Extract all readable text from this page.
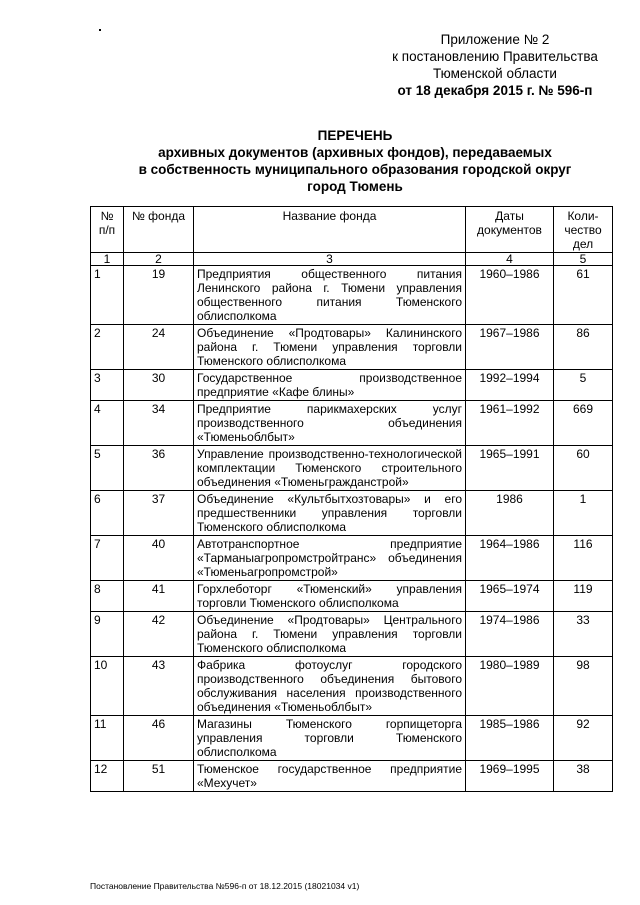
Приложение № 2
к постановлению Правительства
Тюменской области
от 18 декабря 2015 г. № 596-п
ПЕРЕЧЕНЬ
архивных документов (архивных фондов), передаваемых
в собственность муниципального образования городской округ
город Тюмень
№ п/п	№ фонда	Название фонда	Даты документов	Коли-чество дел
1	2	3	4	5
1	19	Предприятия общественного питания Ленинского района г. Тюмени управления общественного питания Тюменского облисполкома	1960–1986	61
2	24	Объединение «Продтовары» Калининского района г. Тюмени управления торговли Тюменского облисполкома	1967–1986	86
3	30	Государственное производственное предприятие «Кафе блины»	1992–1994	5
4	34	Предприятие парикмахерских услуг производственного объединения «Тюменьоблбыт»	1961–1992	669
5	36	Управление производственно-технологической комплектации Тюменского строительного объединения «Тюменьгражданстрой»	1965–1991	60
6	37	Объединение «Культбытхозтовары» и его предшественники управления торговли Тюменского облисполкома	1986	1
7	40	Автотранспортное предприятие «Тарманыагропромстройтранс» объединения «Тюменьагропромстрой»	1964–1986	116
8	41	Горхлеботорг «Тюменский» управления торговли Тюменского облисполкома	1965–1974	119
9	42	Объединение «Продтовары» Центрального района г. Тюмени управления торговли Тюменского облисполкома	1974–1986	33
10	43	Фабрика фотоуслуг городского производственного объединения бытового обслуживания населения производственного объединения «Тюменьоблбыт»	1980–1989	98
11	46	Магазины Тюменского горпищеторга управления торговли Тюменского облисполкома	1985–1986	92
12	51	Тюменское государственное предприятие «Мехучет»	1969–1995	38
Постановление Правительства №596-п от 18.12.2015 (18021034 v1)
